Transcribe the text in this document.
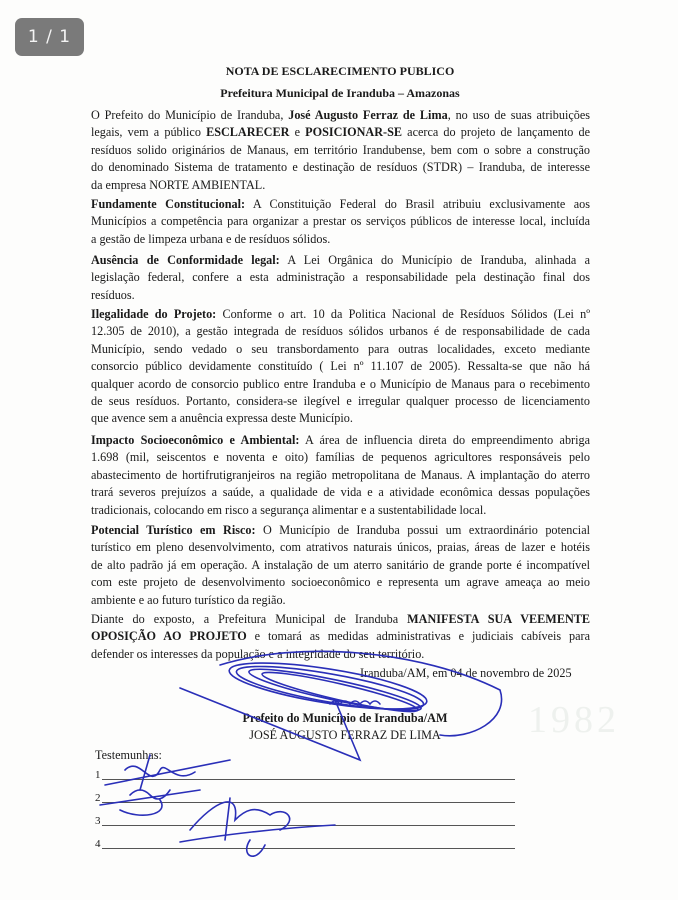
1982
NOTA DE ESCLARECIMENTO PUBLICO
Prefeitura Municipal de Iranduba – Amazonas
O Prefeito do Município de Iranduba, José Augusto Ferraz de Lima, no uso de suas atribuições
legais, vem a público ESCLARECER e POSICIONAR-SE acerca do projeto de lançamento de
resíduos solido originários de Manaus, em território Irandubense, bem com o sobre a construção
do denominado Sistema de tratamento e destinação de resíduos (STDR) – Iranduba, de interesse
da empresa NORTE AMBIENTAL.
Fundamente Constitucional: A Constituição Federal do Brasil atribuiu exclusivamente aos
Municípios a competência para organizar a prestar os serviços públicos de interesse local, incluída
a gestão de limpeza urbana e de resíduos sólidos.
Ausência de Conformidade legal: A Lei Orgânica do Município de Iranduba, alinhada a
legislação federal, confere a esta administração a responsabilidade pela destinação final dos
resíduos.
Ilegalidade do Projeto: Conforme o art. 10 da Politica Nacional de Resíduos Sólidos (Lei nº
12.305 de 2010), a gestão integrada de resíduos sólidos urbanos é de responsabilidade de cada
Município, sendo vedado o seu transbordamento para outras localidades, exceto mediante
consorcio público devidamente constituído ( Lei nº 11.107 de 2005). Ressalta-se que não há
qualquer acordo de consorcio publico entre Iranduba e o Município de Manaus para o recebimento
de seus resíduos. Portanto, considera-se ilegível e irregular qualquer processo de licenciamento
que avence sem a anuência expressa deste Município.
Impacto Socioeconômico e Ambiental: A área de influencia direta do empreendimento abriga
1.698 (mil, seiscentos e noventa e oito) famílias de pequenos agricultores responsáveis pelo
abastecimento de hortifrutigranjeiros na região metropolitana de Manaus. A implantação do aterro
trará severos prejuízos a saúde, a qualidade de vida e a atividade econômica dessas populações
tradicionais, colocando em risco a segurança alimentar e a sustentabilidade local.
Potencial Turístico em Risco: O Município de Iranduba possui um extraordinário potencial
turístico em pleno desenvolvimento, com atrativos naturais únicos, praias, áreas de lazer e hotéis
de alto padrão já em operação. A instalação de um aterro sanitário de grande porte é incompatível
com este projeto de desenvolvimento socioeconômico e representa um agrave ameaça ao meio
ambiente e ao futuro turístico da região.
Diante do exposto, a Prefeitura Municipal de Iranduba MANIFESTA SUA VEEMENTE
OPOSIÇÃO AO PROJETO e tomará as medidas administrativas e judiciais cabíveis para
defender os interesses da população e a integridade do seu território.
Iranduba/AM, em 04 de novembro de 2025
Prefeito do Município de Iranduba/AM
JOSÉ AUGUSTO FERRAZ DE LIMA
Testemunhas:
1
2
3
4
1 / 1
